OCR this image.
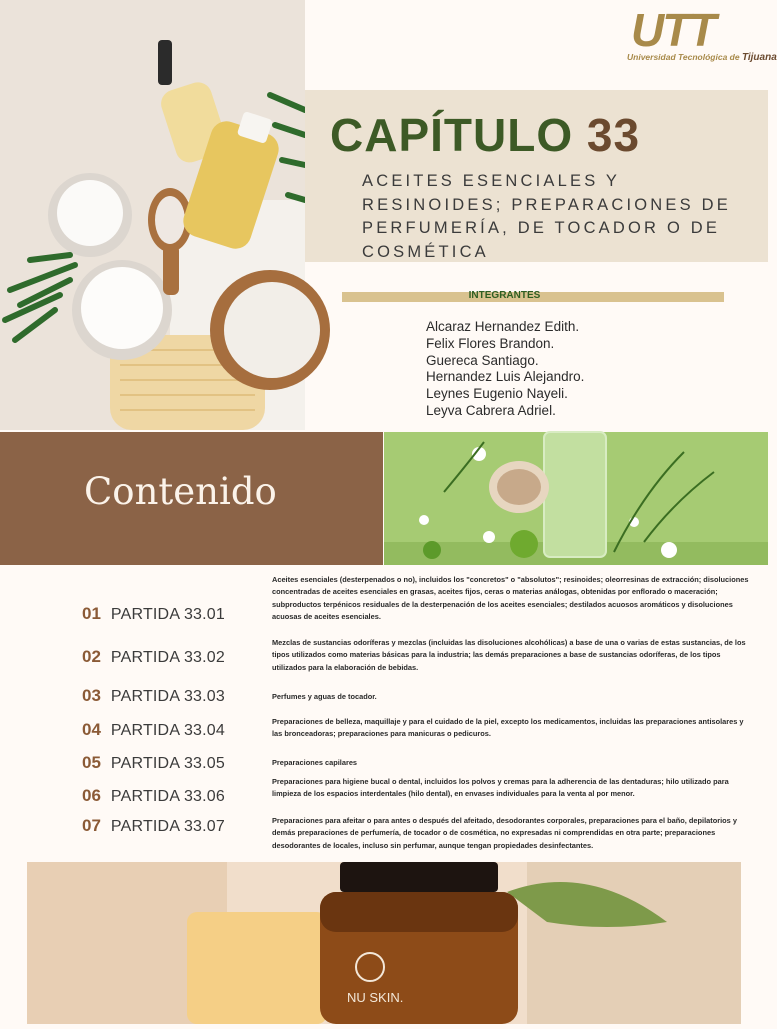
UTT
Universidad Tecnológica de Tijuana
CAPÍTULO 33
ACEITES ESENCIALES Y RESINOIDES; PREPARACIONES DE PERFUMERÍA, DE TOCADOR O DE COSMÉTICA
INTEGRANTES
Alcaraz Hernandez Edith.
Felix Flores Brandon.
Guereca Santiago.
Hernandez Luis Alejandro.
Leynes Eugenio Nayeli.
Leyva Cabrera Adriel.
Contenido
01 PARTIDA 33.01
02 PARTIDA 33.02
03 PARTIDA 33.03
04 PARTIDA 33.04
05 PARTIDA 33.05
06 PARTIDA 33.06
07 PARTIDA 33.07

Aceites esenciales (desterpenados o no), incluidos los "concretos" o "absolutos"; resinoides; oleorresinas de extracción; disoluciones concentradas de aceites esenciales en grasas, aceites fijos, ceras o materias análogas, obtenidas por enflorado o maceración; subproductos terpénicos residuales de la desterpenación de los aceites esenciales; destilados acuosos aromáticos y disoluciones acuosas de aceites esenciales.

Mezclas de sustancias odoríferas y mezclas (incluidas las disoluciones alcohólicas) a base de una o varias de estas sustancias, de los tipos utilizados como materias básicas para la industria; las demás preparaciones a base de sustancias odoríferas, de los tipos utilizados para la elaboración de bebidas.

Perfumes y aguas de tocador.

Preparaciones de belleza, maquillaje y para el cuidado de la piel, excepto los medicamentos, incluidas las preparaciones antisolares y las bronceadoras; preparaciones para manicuras o pedicuros.

Preparaciones capilares

Preparaciones para higiene bucal o dental, incluidos los polvos y cremas para la adherencia de las dentaduras; hilo utilizado para limpieza de los espacios interdentales (hilo dental), en envases individuales para la venta al por menor.

Preparaciones para afeitar o para antes o después del afeitado, desodorantes corporales, preparaciones para el baño, depilatorios y demás preparaciones de perfumería, de tocador o de cosmética, no expresadas ni comprendidas en otra parte; preparaciones desodorantes de locales, incluso sin perfumar, aunque tengan propiedades desinfectantes.

NU SKIN.
